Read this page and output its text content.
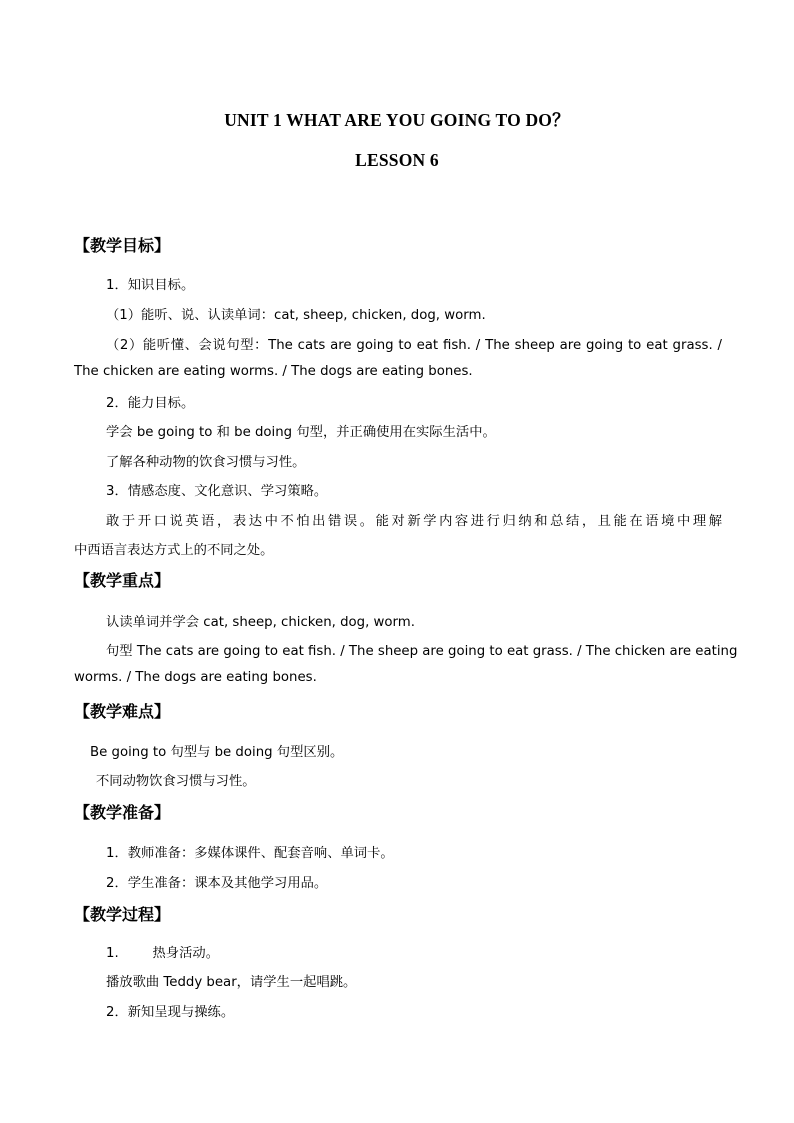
UNIT 1 WHAT ARE YOU GOING TO DO？
LESSON 6
【教学目标】
1．知识目标。
（1）能听、说、认读单词：cat, sheep, chicken, dog, worm.
（2）能听懂、会说句型：The cats are going to eat fish. / The sheep are going to eat grass. /
The chicken are eating worms. / The dogs are eating bones.
2．能力目标。
学会 be going to 和 be doing 句型，并正确使用在实际生活中。
了解各种动物的饮食习惯与习性。
3．情感态度、文化意识、学习策略。
敢于开口说英语，表达中不怕出错误。能对新学内容进行归纳和总结，且能在语境中理解
中西语言表达方式上的不同之处。
【教学重点】
认读单词并学会 cat, sheep, chicken, dog, worm.
句型 The cats are going to eat fish. / The sheep are going to eat grass. / The chicken are eating
worms. / The dogs are eating bones.
【教学难点】
Be going to 句型与 be doing 句型区别。
不同动物饮食习惯与习性。
【教学准备】
1．教师准备：多媒体课件、配套音响、单词卡。
2．学生准备：课本及其他学习用品。
【教学过程】
1.        热身活动。
播放歌曲 Teddy bear，请学生一起唱跳。
2．新知呈现与操练。
